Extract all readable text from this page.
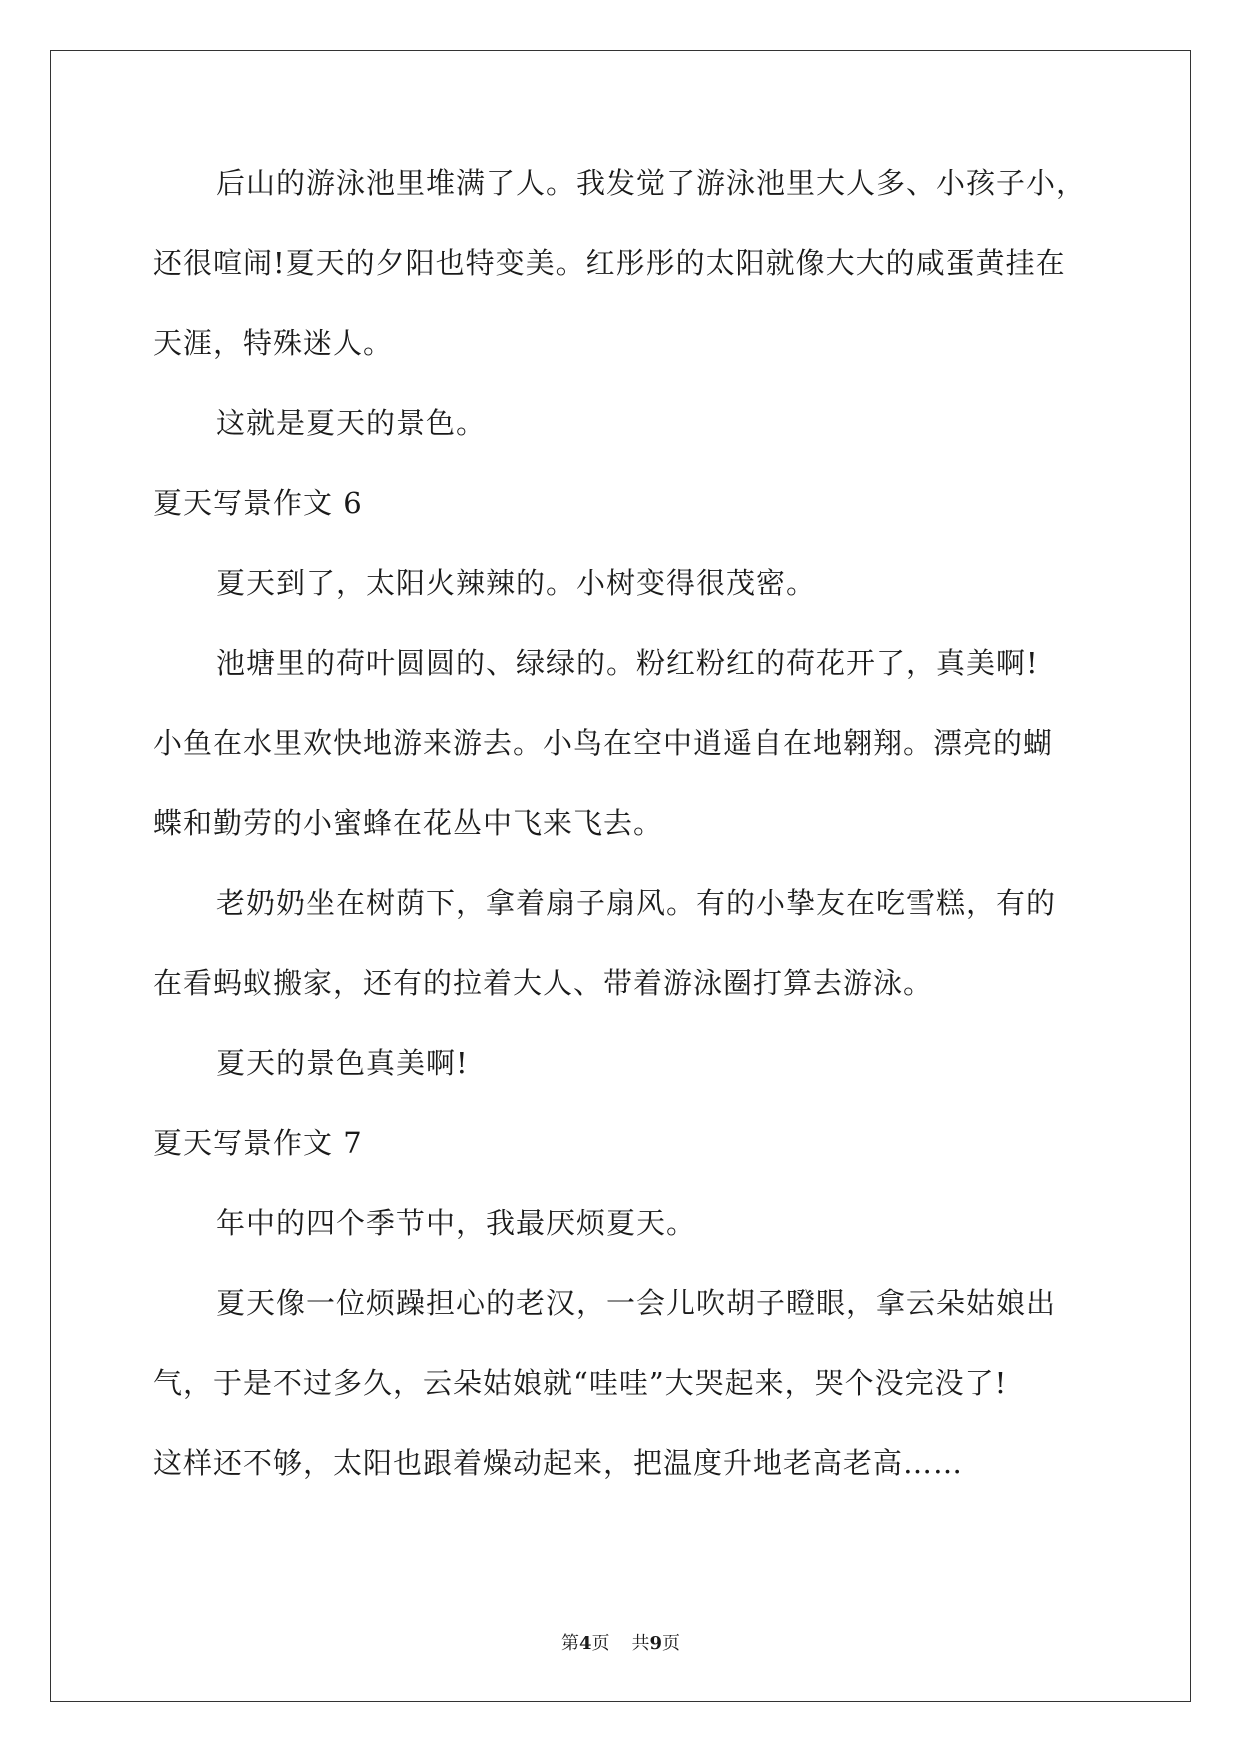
后山的游泳池里堆满了人。我发觉了游泳池里大人多、小孩子小，
还很喧闹!夏天的夕阳也特变美。红彤彤的太阳就像大大的咸蛋黄挂在
天涯，特殊迷人。
这就是夏天的景色。
夏天写景作文 6
夏天到了，太阳火辣辣的。小树变得很茂密。
池塘里的荷叶圆圆的、绿绿的。粉红粉红的荷花开了，真美啊!
小鱼在水里欢快地游来游去。小鸟在空中逍遥自在地翱翔。漂亮的蝴
蝶和勤劳的小蜜蜂在花丛中飞来飞去。
老奶奶坐在树荫下，拿着扇子扇风。有的小挚友在吃雪糕，有的
在看蚂蚁搬家，还有的拉着大人、带着游泳圈打算去游泳。
夏天的景色真美啊!
夏天写景作文 7
年中的四个季节中，我最厌烦夏天。
夏天像一位烦躁担心的老汉，一会儿吹胡子瞪眼，拿云朵姑娘出
气，于是不过多久，云朵姑娘就“哇哇”大哭起来，哭个没完没了!
这样还不够，太阳也跟着燥动起来，把温度升地老高老高……
第4页 共9页
